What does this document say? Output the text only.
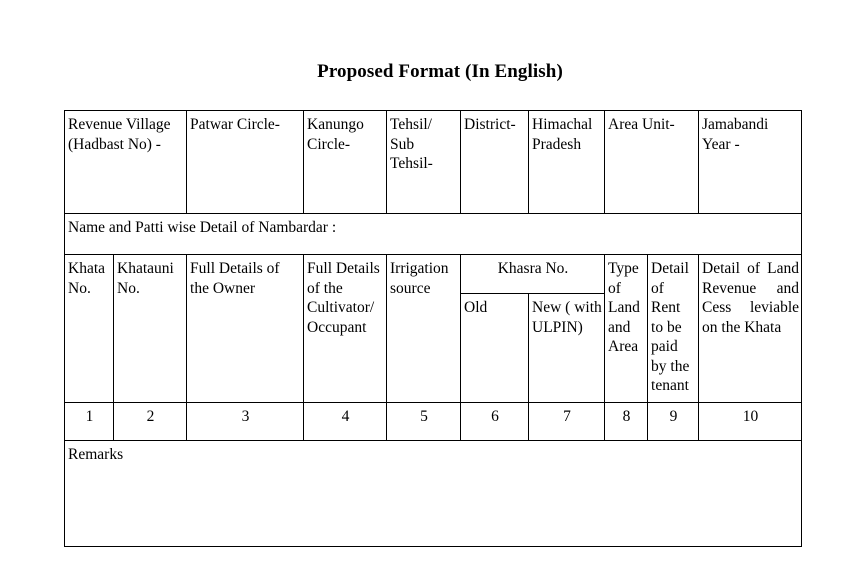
Proposed Format (In English)
Revenue Village (Hadbast No) -		Patwar Circle-	Kanungo Circle-	Tehsil/ Sub Tehsil-	District-	Himachal Pradesh	Area Unit-		Jamabandi Year -
Name and Patti wise Detail of Nambardar :									
Khata No.	Khatauni No.	Full Details of the Owner	Full Details of the Cultivator/ Occupant	Irrigation source	Khasra No.		Type of Land and Area	Detail of Rent to be paid by the tenant	Detail of Land Revenue and Cess leviable on the Khata
					Old	New ( with ULPIN)			
1	2	3	4	5	6	7	8	9	10
Remarks									
